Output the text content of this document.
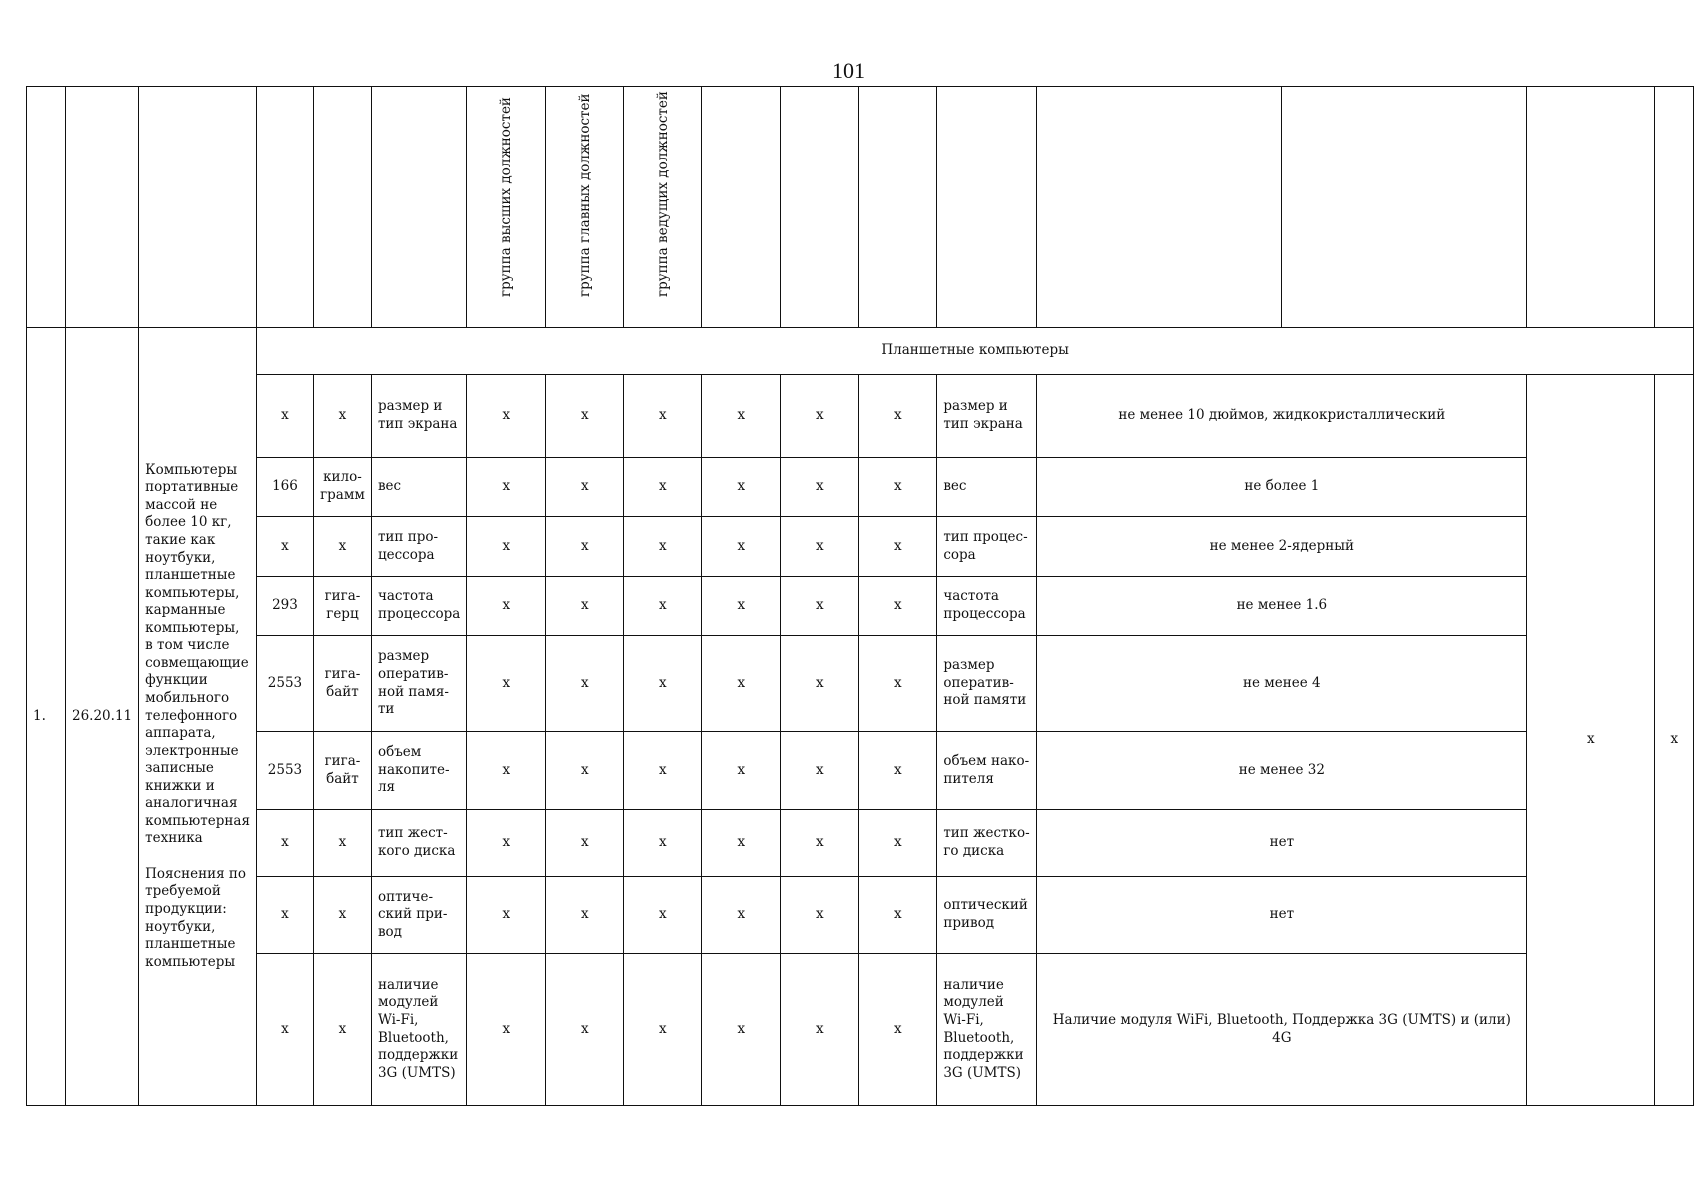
101

						группа высших должностей	группа главных должностей	группа ведущих должностей								

1.	26.20.11	Компьютеры портативные массой не более 10 кг, такие как ноутбуки, планшетные компьютеры, карманные компьютеры, в том числе совмещающие функции мобильного телефонного аппарата, электронные записные книжки и аналогичная компьютерная техника
Пояснения по требуемой продукции: ноутбуки, планшетные компьютеры	Планшетные компьютеры													
			x	x	размер и тип экрана	x	x	x	x	x	x	размер и тип экрана	не менее 10 дюймов, жидкокристаллический		x	x
			166	кило-грамм	вес	x	x	x	x	x	x	вес	не более 1			
			x	x	тип про-цессора	x	x	x	x	x	x	тип процес-сора	не менее 2-ядерный			
			293	гига-герц	частота процессора	x	x	x	x	x	x	частота процессора	не менее 1.6			
			2553	гига-байт	размер оператив-ной памя-ти	x	x	x	x	x	x	размер оператив-ной памяти	не менее 4			
			2553	гига-байт	объем накопите-ля	x	x	x	x	x	x	объем нако-пителя	не менее 32			
			x	x	тип жест-кого диска	x	x	x	x	x	x	тип жестко-го диска	нет			
			x	x	оптиче-ский при-вод	x	x	x	x	x	x	оптический привод	нет			
			x	x	наличие модулей Wi-Fi, Bluetooth, поддержки 3G (UMTS)	x	x	x	x	x	x	наличие модулей Wi-Fi, Bluetooth, поддержки 3G (UMTS)	Наличие модуля WiFi, Bluetooth, Поддержка 3G (UMTS) и (или) 4G			
